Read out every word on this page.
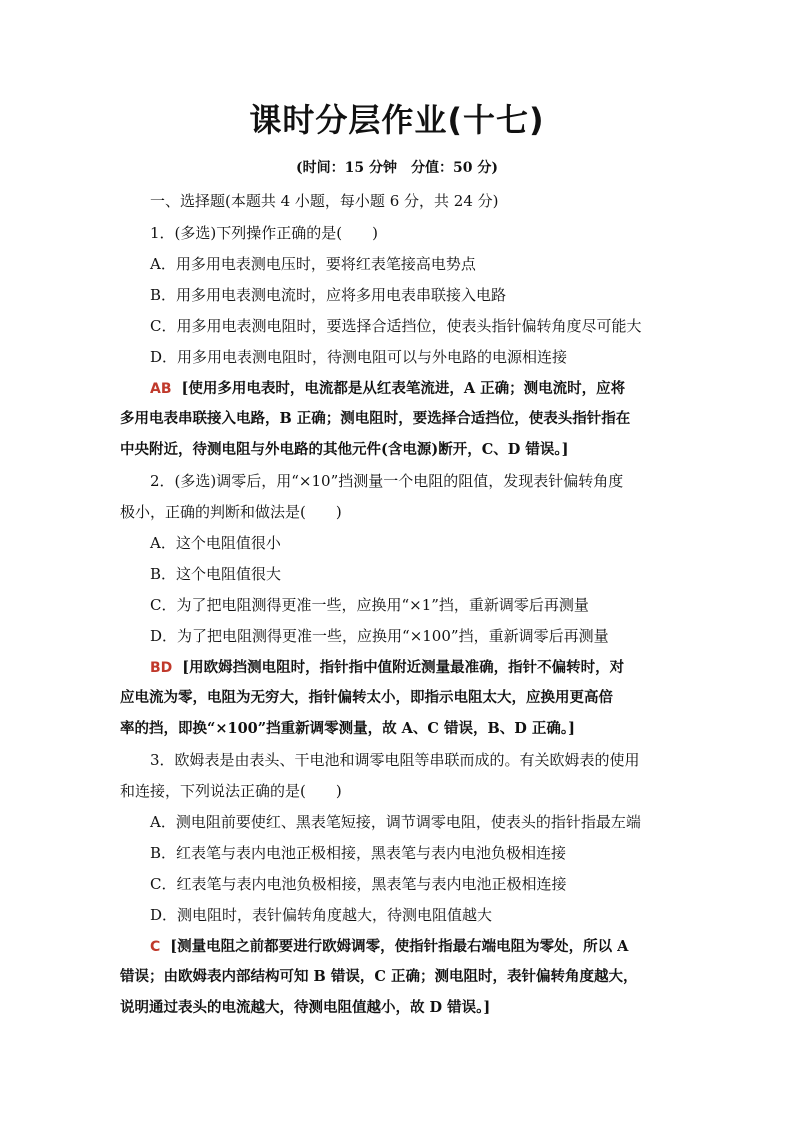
课时分层作业(十七)
(时间：15 分钟　分值：50 分)
一、选择题(本题共 4 小题，每小题 6 分，共 24 分)
1．(多选)下列操作正确的是(　　)
A．用多用电表测电压时，要将红表笔接高电势点
B．用多用电表测电流时，应将多用电表串联接入电路
C．用多用电表测电阻时，要选择合适挡位，使表头指针偏转角度尽可能大
D．用多用电表测电阻时，待测电阻可以与外电路的电源相连接
AB [使用多用电表时，电流都是从红表笔流进，A 正确；测电流时，应将
多用电表串联接入电路，B 正确；测电阻时，要选择合适挡位，使表头指针指在
中央附近，待测电阻与外电路的其他元件(含电源)断开，C、D 错误。]
2．(多选)调零后，用“×10”挡测量一个电阻的阻值，发现表针偏转角度
极小，正确的判断和做法是(　　)
A．这个电阻值很小
B．这个电阻值很大
C．为了把电阻测得更准一些，应换用“×1”挡，重新调零后再测量
D．为了把电阻测得更准一些，应换用“×100”挡，重新调零后再测量
BD [用欧姆挡测电阻时，指针指中值附近测量最准确，指针不偏转时，对
应电流为零，电阻为无穷大，指针偏转太小，即指示电阻太大，应换用更高倍
率的挡，即换“×100”挡重新调零测量，故 A、C 错误，B、D 正确。]
3．欧姆表是由表头、干电池和调零电阻等串联而成的。有关欧姆表的使用
和连接，下列说法正确的是(　　)
A．测电阻前要使红、黑表笔短接，调节调零电阻，使表头的指针指最左端
B．红表笔与表内电池正极相接，黑表笔与表内电池负极相连接
C．红表笔与表内电池负极相接，黑表笔与表内电池正极相连接
D．测电阻时，表针偏转角度越大，待测电阻值越大
C [测量电阻之前都要进行欧姆调零，使指针指最右端电阻为零处，所以 A
错误；由欧姆表内部结构可知 B 错误，C 正确；测电阻时，表针偏转角度越大，
说明通过表头的电流越大，待测电阻值越小，故 D 错误。]
